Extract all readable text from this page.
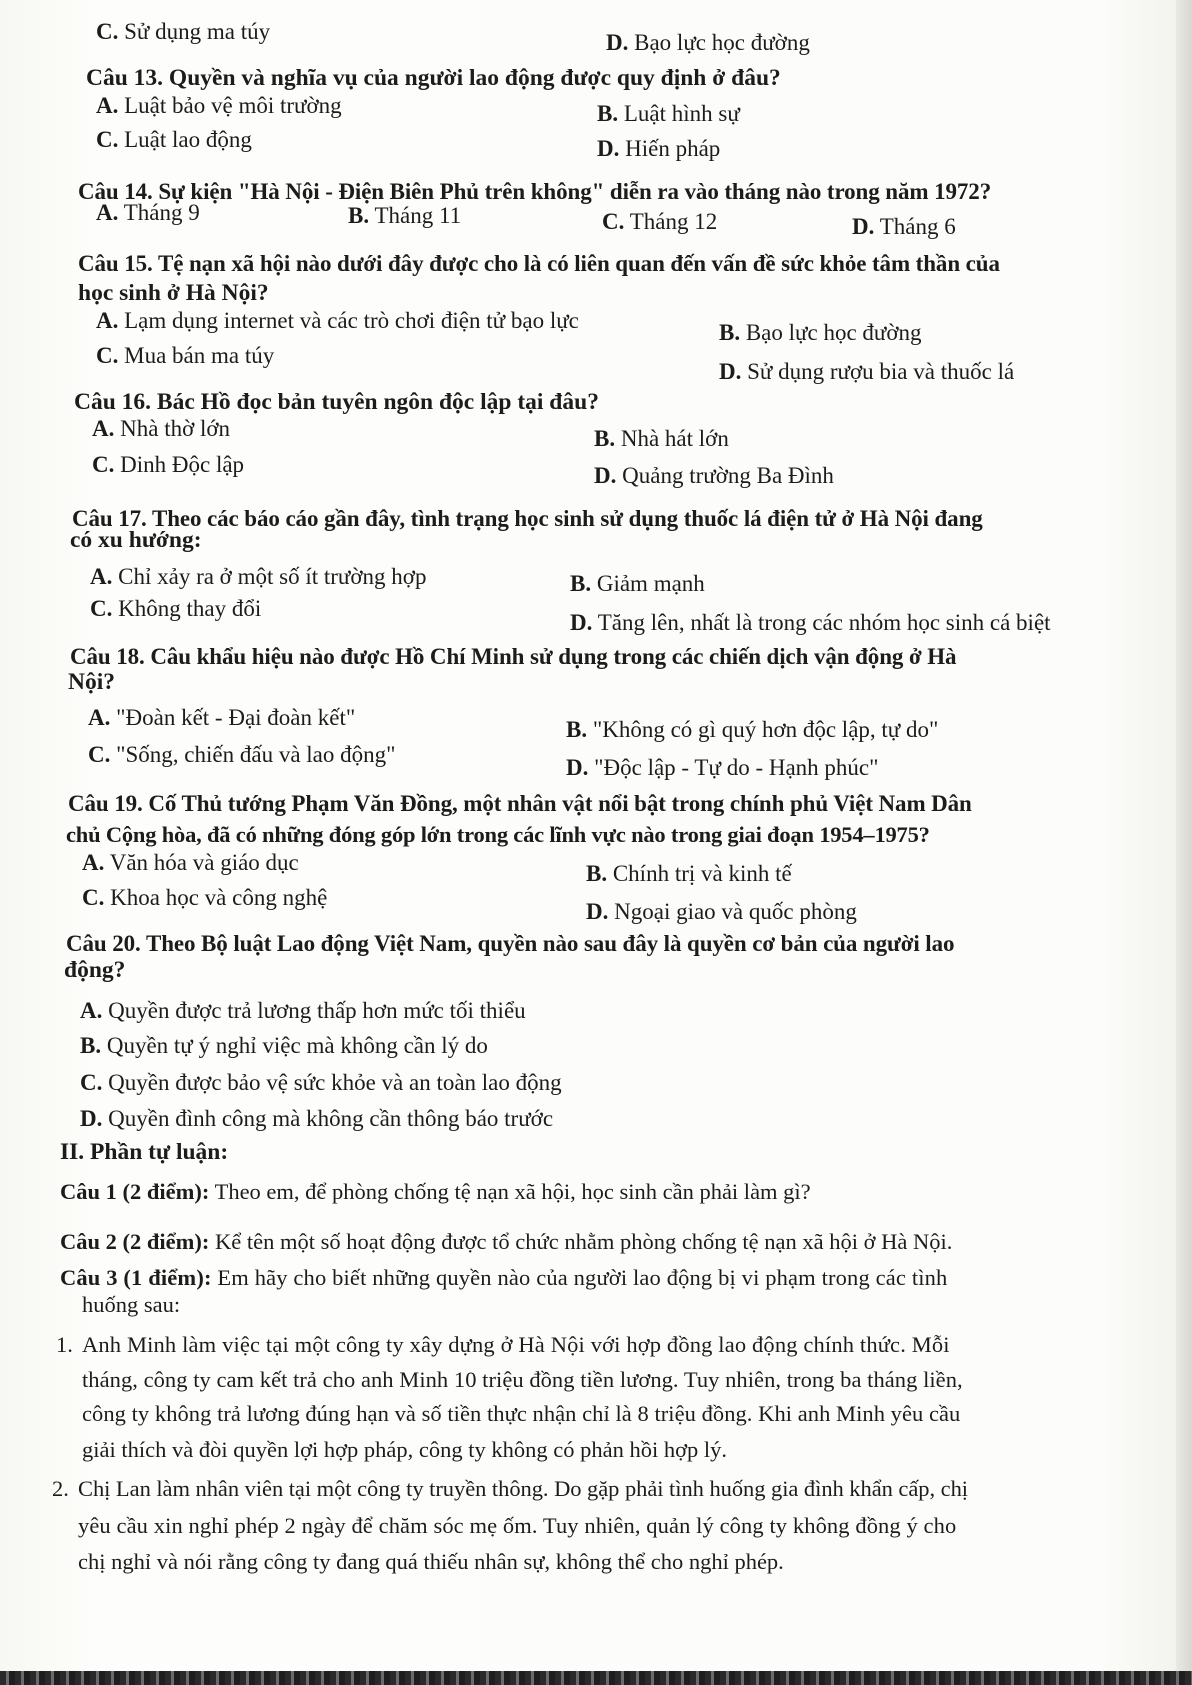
C. Sử dụng ma túy	D. Bạo lực học đường
Câu 13. Quyền và nghĩa vụ của người lao động được quy định ở đâu?
A. Luật bảo vệ môi trường	B. Luật hình sự
C. Luật lao động	D. Hiến pháp
Câu 14. Sự kiện "Hà Nội - Điện Biên Phủ trên không" diễn ra vào tháng nào trong năm 1972?
A. Tháng 9	B. Tháng 11	C. Tháng 12	D. Tháng 6
Câu 15. Tệ nạn xã hội nào dưới đây được cho là có liên quan đến vấn đề sức khỏe tâm thần của
học sinh ở Hà Nội?
A. Lạm dụng internet và các trò chơi điện tử bạo lực	B. Bạo lực học đường
C. Mua bán ma túy
D. Sử dụng rượu bia và thuốc lá
Câu 16. Bác Hồ đọc bản tuyên ngôn độc lập tại đâu?
A. Nhà thờ lớn	B. Nhà hát lớn
C. Dinh Độc lập	D. Quảng trường Ba Đình
Câu 17. Theo các báo cáo gần đây, tình trạng học sinh sử dụng thuốc lá điện tử ở Hà Nội đang
có xu hướng:
A. Chỉ xảy ra ở một số ít trường hợp	B. Giảm mạnh
C. Không thay đổi
D. Tăng lên, nhất là trong các nhóm học sinh cá biệt
Câu 18. Câu khẩu hiệu nào được Hồ Chí Minh sử dụng trong các chiến dịch vận động ở Hà
Nội?
A. "Đoàn kết - Đại đoàn kết"	B. "Không có gì quý hơn độc lập, tự do"
C. "Sống, chiến đấu và lao động"
D. "Độc lập - Tự do - Hạnh phúc"
Câu 19. Cố Thủ tướng Phạm Văn Đồng, một nhân vật nổi bật trong chính phủ Việt Nam Dân
chủ Cộng hòa, đã có những đóng góp lớn trong các lĩnh vực nào trong giai đoạn 1954–1975?
A. Văn hóa và giáo dục	B. Chính trị và kinh tế
C. Khoa học và công nghệ
D. Ngoại giao và quốc phòng
Câu 20. Theo Bộ luật Lao động Việt Nam, quyền nào sau đây là quyền cơ bản của người lao
động?
A. Quyền được trả lương thấp hơn mức tối thiểu
B. Quyền tự ý nghỉ việc mà không cần lý do
C. Quyền được bảo vệ sức khỏe và an toàn lao động
D. Quyền đình công mà không cần thông báo trước
II. Phần tự luận:
Câu 1 (2 điểm): Theo em, để phòng chống tệ nạn xã hội, học sinh cần phải làm gì?
Câu 2 (2 điểm): Kể tên một số hoạt động được tổ chức nhằm phòng chống tệ nạn xã hội ở Hà Nội.
Câu 3 (1 điểm): Em hãy cho biết những quyền nào của người lao động bị vi phạm trong các tình
huống sau:
1. Anh Minh làm việc tại một công ty xây dựng ở Hà Nội với hợp đồng lao động chính thức. Mỗi
tháng, công ty cam kết trả cho anh Minh 10 triệu đồng tiền lương. Tuy nhiên, trong ba tháng liền,
công ty không trả lương đúng hạn và số tiền thực nhận chỉ là 8 triệu đồng. Khi anh Minh yêu cầu
giải thích và đòi quyền lợi hợp pháp, công ty không có phản hồi hợp lý.
2. Chị Lan làm nhân viên tại một công ty truyền thông. Do gặp phải tình huống gia đình khẩn cấp, chị
yêu cầu xin nghỉ phép 2 ngày để chăm sóc mẹ ốm. Tuy nhiên, quản lý công ty không đồng ý cho
chị nghỉ và nói rằng công ty đang quá thiếu nhân sự, không thể cho nghỉ phép.
